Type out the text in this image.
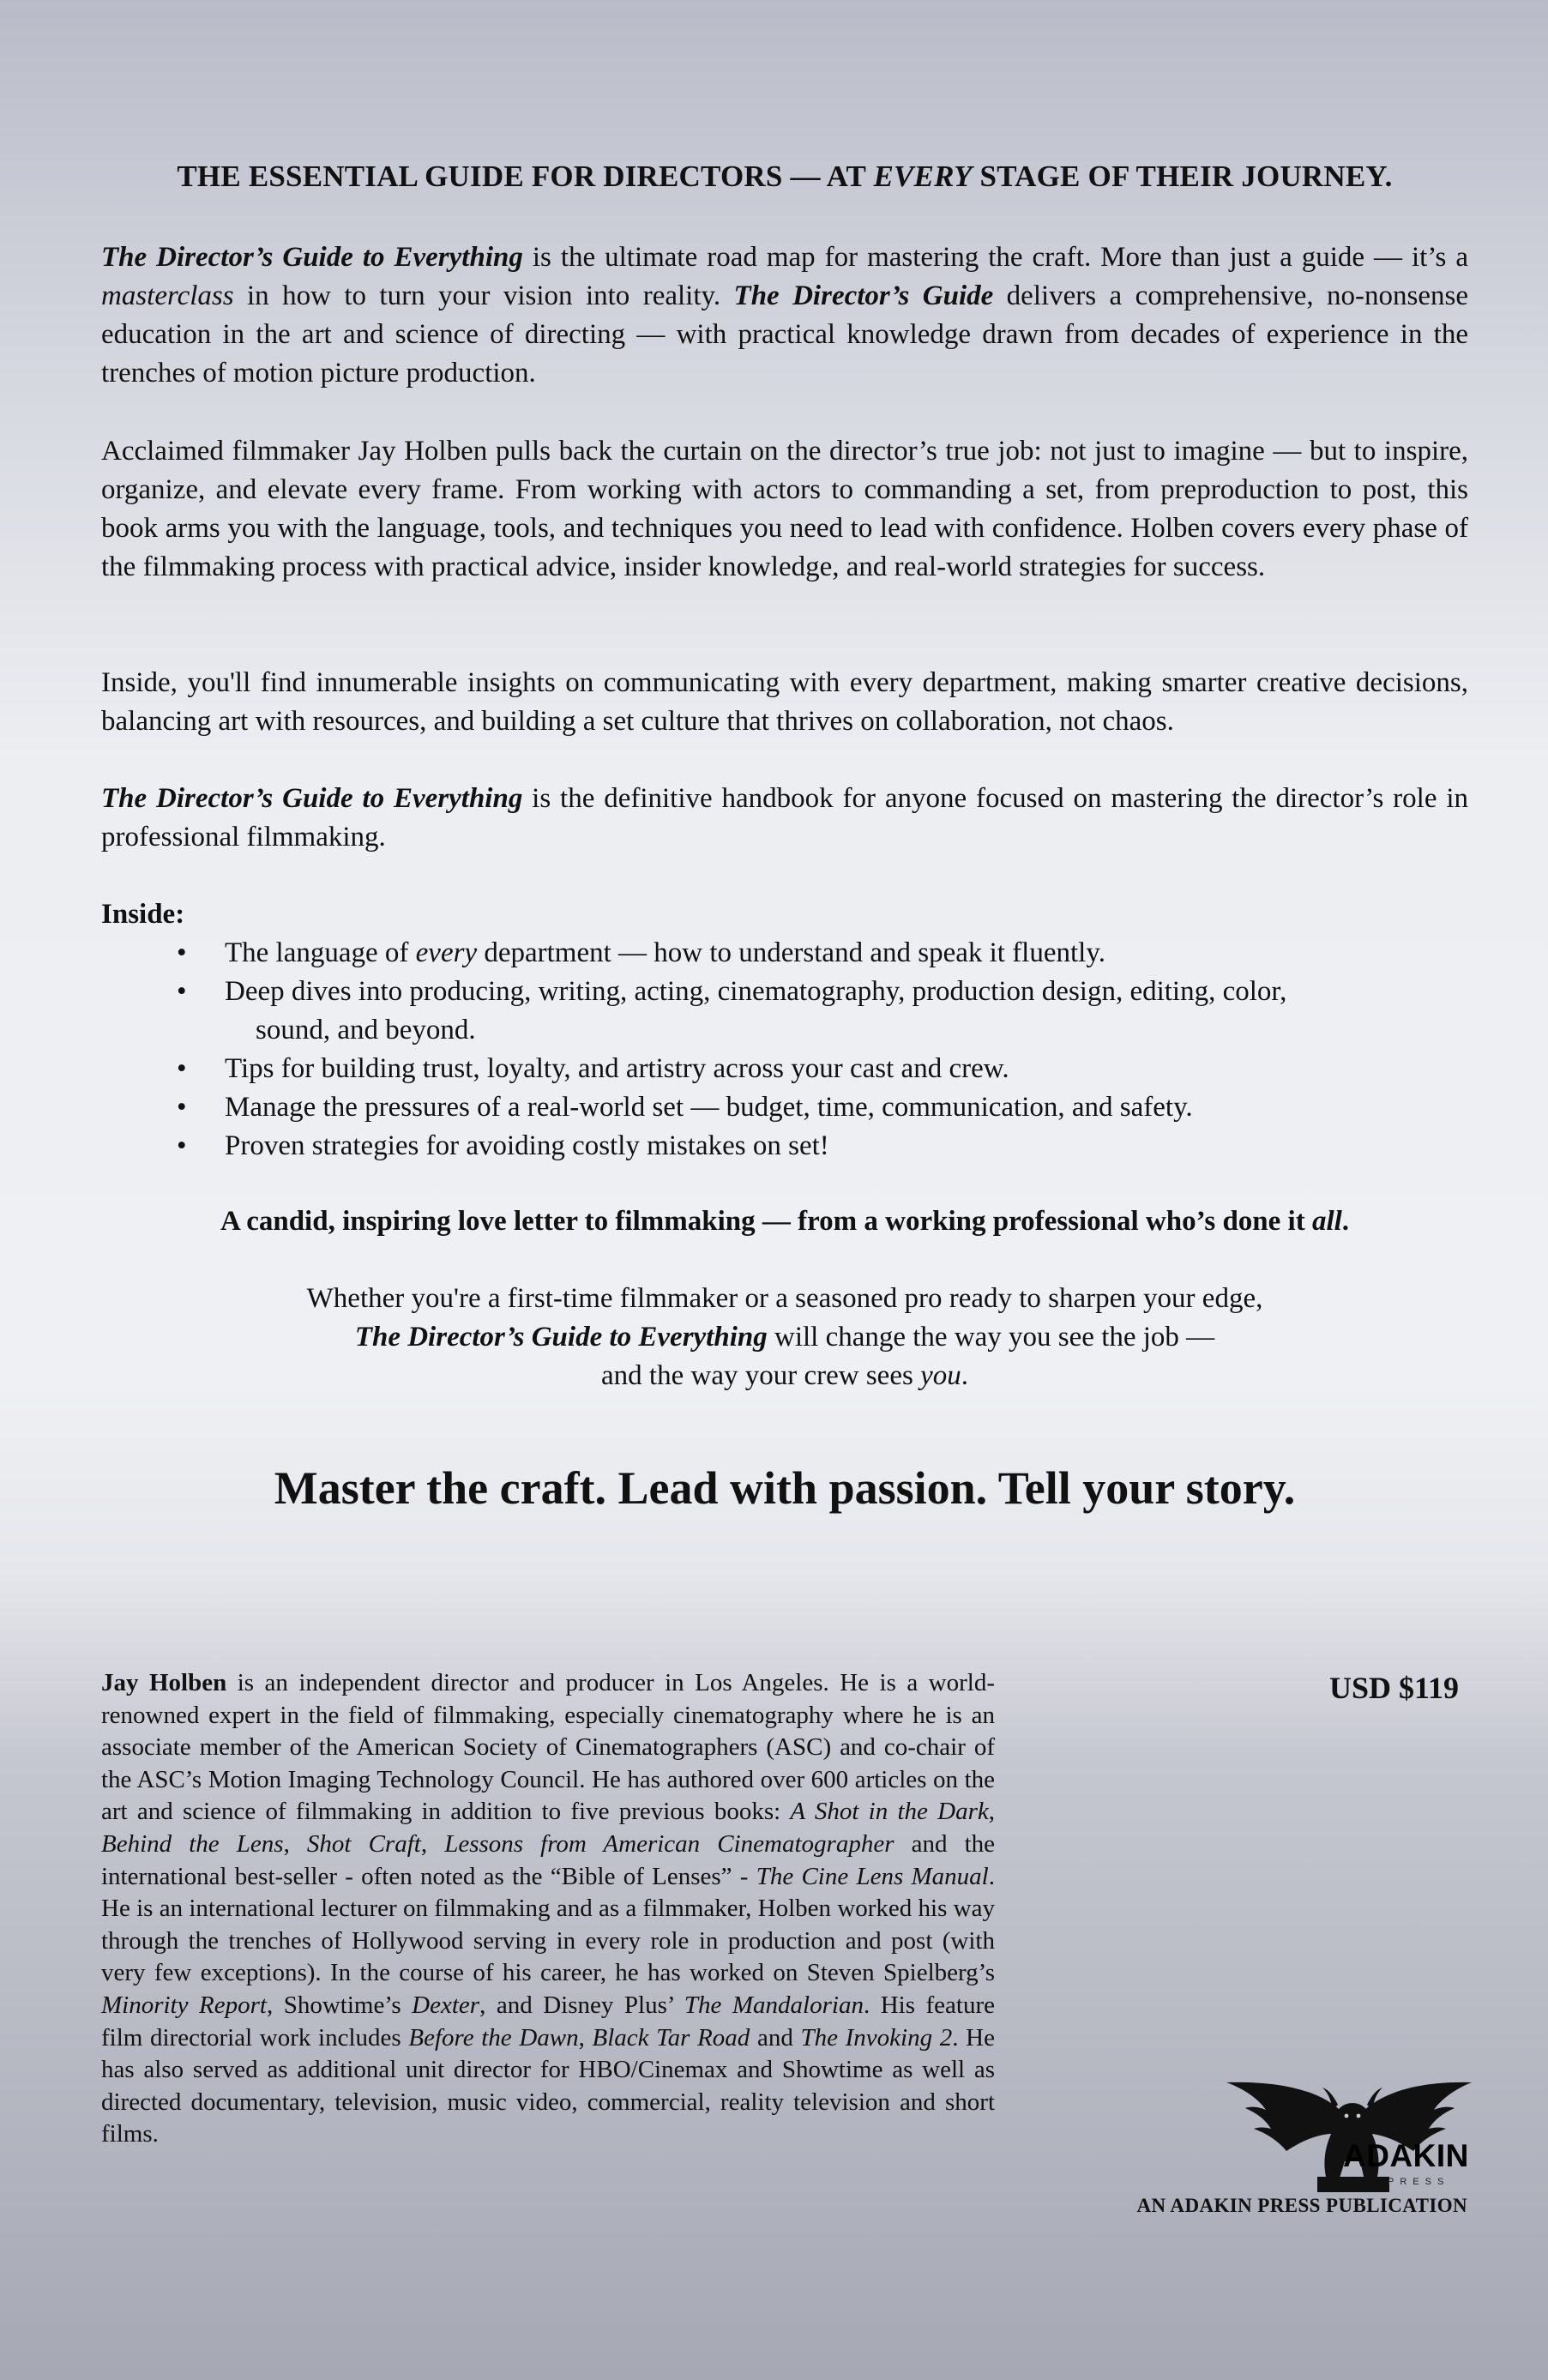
THE ESSENTIAL GUIDE FOR DIRECTORS — AT EVERY STAGE OF THEIR JOURNEY.

The Director’s Guide to Everything is the ultimate road map for mastering the craft. More than just a guide — it’s a masterclass in how to turn your vision into reality. The Director’s Guide delivers a comprehensive, no-nonsense education in the art and science of directing — with practical knowledge drawn from decades of experience in the trenches of motion picture production.

Acclaimed filmmaker Jay Holben pulls back the curtain on the director’s true job: not just to imagine — but to inspire, organize, and elevate every frame. From working with actors to commanding a set, from preproduction to post, this book arms you with the language, tools, and techniques you need to lead with confidence. Holben covers every phase of the filmmaking process with practical advice, insider knowledge, and real-world strategies for success.

Inside, you'll find innumerable insights on communicating with every department, making smarter creative decisions, balancing art with resources, and building a set culture that thrives on collaboration, not chaos.

The Director’s Guide to Everything is the definitive handbook for anyone focused on mastering the director’s role in professional filmmaking.

Inside:

• The language of every department — how to understand and speak it fluently.
• Deep dives into producing, writing, acting, cinematography, production design, editing, color,
sound, and beyond.
• Tips for building trust, loyalty, and artistry across your cast and crew.
• Manage the pressures of a real-world set — budget, time, communication, and safety.
• Proven strategies for avoiding costly mistakes on set!

A candid, inspiring love letter to filmmaking — from a working professional who’s done it all.

Whether you're a first-time filmmaker or a seasoned pro ready to sharpen your edge,
The Director’s Guide to Everything will change the way you see the job —
and the way your crew sees you.

Master the craft. Lead with passion. Tell your story.

Jay Holben is an independent director and producer in Los Angeles. He is a world-renowned expert in the field of filmmaking, especially cinematography where he is an associate member of the American Society of Cinematographers (ASC) and co-chair of the ASC’s Motion Imaging Technology Council. He has authored over 600 articles on the art and science of filmmaking in addition to five previous books: A Shot in the Dark, Behind the Lens, Shot Craft, Lessons from American Cinematographer and the international best-seller - often noted as the “Bible of Lenses” - The Cine Lens Manual. He is an international lecturer on filmmaking and as a filmmaker, Holben worked his way through the trenches of Hollywood serving in every role in production and post (with very few exceptions). In the course of his career, he has worked on Steven Spielberg’s Minority Report, Showtime’s Dexter, and Disney Plus’ The Mandalorian. His feature film directorial work includes Before the Dawn, Black Tar Road and The Invoking 2. He has also served as additional unit director for HBO/Cinemax and Showtime as well as directed documentary, television, music video, commercial, reality television and short films.

USD $119

ADAKIN
PRESS

AN ADAKIN PRESS PUBLICATION
